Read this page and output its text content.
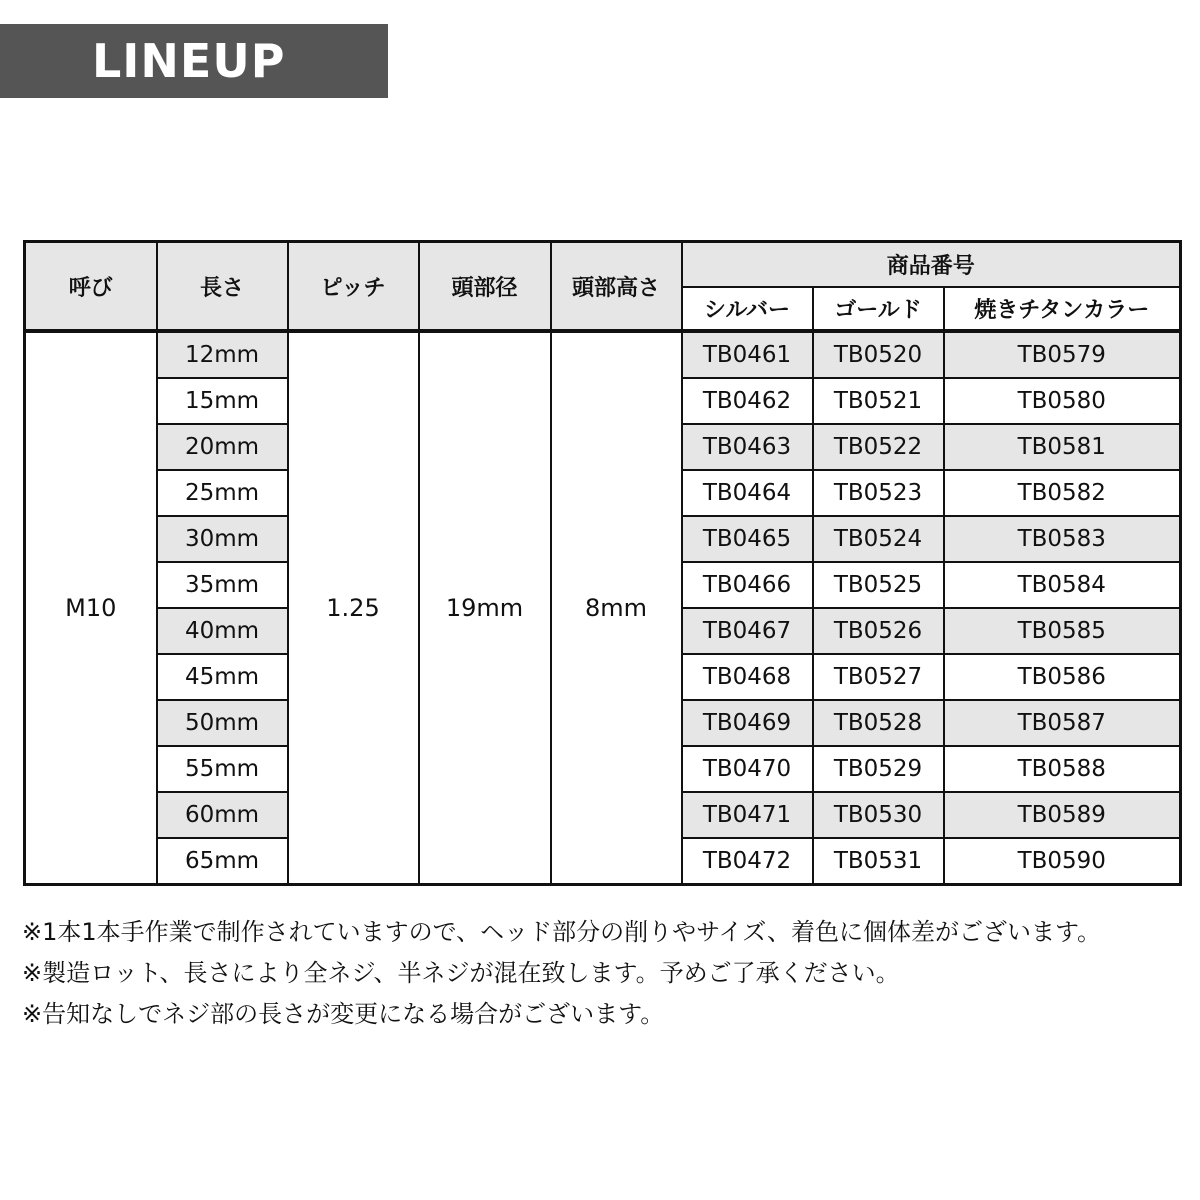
LINEUP
呼び	長さ	ピッチ	頭部径	頭部高さ	商品番号		
					シルバー	ゴールド	焼きチタンカラー
M10	12mm	1.25	19mm	8mm	TB0461	TB0520	TB0579
	15mm				TB0462	TB0521	TB0580
	20mm				TB0463	TB0522	TB0581
	25mm				TB0464	TB0523	TB0582
	30mm				TB0465	TB0524	TB0583
	35mm				TB0466	TB0525	TB0584
	40mm				TB0467	TB0526	TB0585
	45mm				TB0468	TB0527	TB0586
	50mm				TB0469	TB0528	TB0587
	55mm				TB0470	TB0529	TB0588
	60mm				TB0471	TB0530	TB0589
	65mm				TB0472	TB0531	TB0590
※1本1本手作業で制作されていますので、ヘッド部分の削りやサイズ、着色に個体差がございます。
※製造ロット、長さにより全ネジ、半ネジが混在致します。予めご了承ください。
※告知なしでネジ部の長さが変更になる場合がございます。
